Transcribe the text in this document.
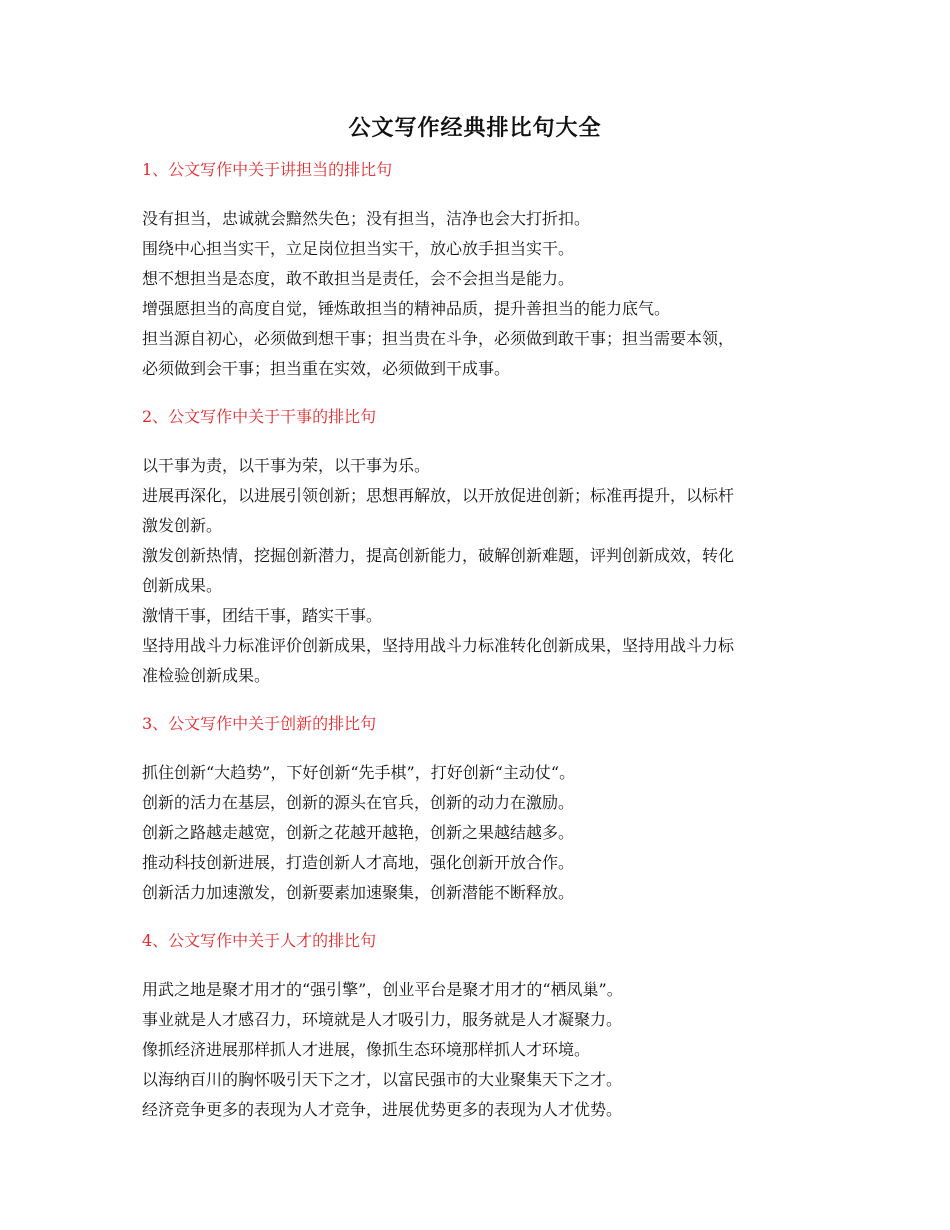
公文写作经典排比句大全
1、公文写作中关于讲担当的排比句

没有担当，忠诚就会黯然失色；没有担当，洁净也会大打折扣。

围绕中心担当实干，立足岗位担当实干，放心放手担当实干。

想不想担当是态度，敢不敢担当是责任，会不会担当是能力。

增强愿担当的高度自觉，锤炼敢担当的精神品质，提升善担当的能力底气。

担当源自初心，必须做到想干事；担当贵在斗争，必须做到敢干事；担当需要本领，

必须做到会干事；担当重在实效，必须做到干成事。

2、公文写作中关于干事的排比句

以干事为责，以干事为荣，以干事为乐。

进展再深化，以进展引领创新；思想再解放，以开放促进创新；标准再提升，以标杆

激发创新。

激发创新热情，挖掘创新潜力，提高创新能力，破解创新难题，评判创新成效，转化

创新成果。

激情干事，团结干事，踏实干事。

坚持用战斗力标准评价创新成果，坚持用战斗力标准转化创新成果，坚持用战斗力标

准检验创新成果。

3、公文写作中关于创新的排比句

抓住创新“大趋势”，下好创新“先手棋”，打好创新“主动仗“。

创新的活力在基层，创新的源头在官兵，创新的动力在激励。

创新之路越走越宽，创新之花越开越艳，创新之果越结越多。

推动科技创新进展，打造创新人才高地，强化创新开放合作。

创新活力加速激发，创新要素加速聚集，创新潜能不断释放。

4、公文写作中关于人才的排比句

用武之地是聚才用才的“强引擎”，创业平台是聚才用才的“栖凤巢”。

事业就是人才感召力，环境就是人才吸引力，服务就是人才凝聚力。

像抓经济进展那样抓人才进展，像抓生态环境那样抓人才环境。

以海纳百川的胸怀吸引天下之才，以富民强市的大业聚集天下之才。

经济竞争更多的表现为人才竞争，进展优势更多的表现为人才优势。
